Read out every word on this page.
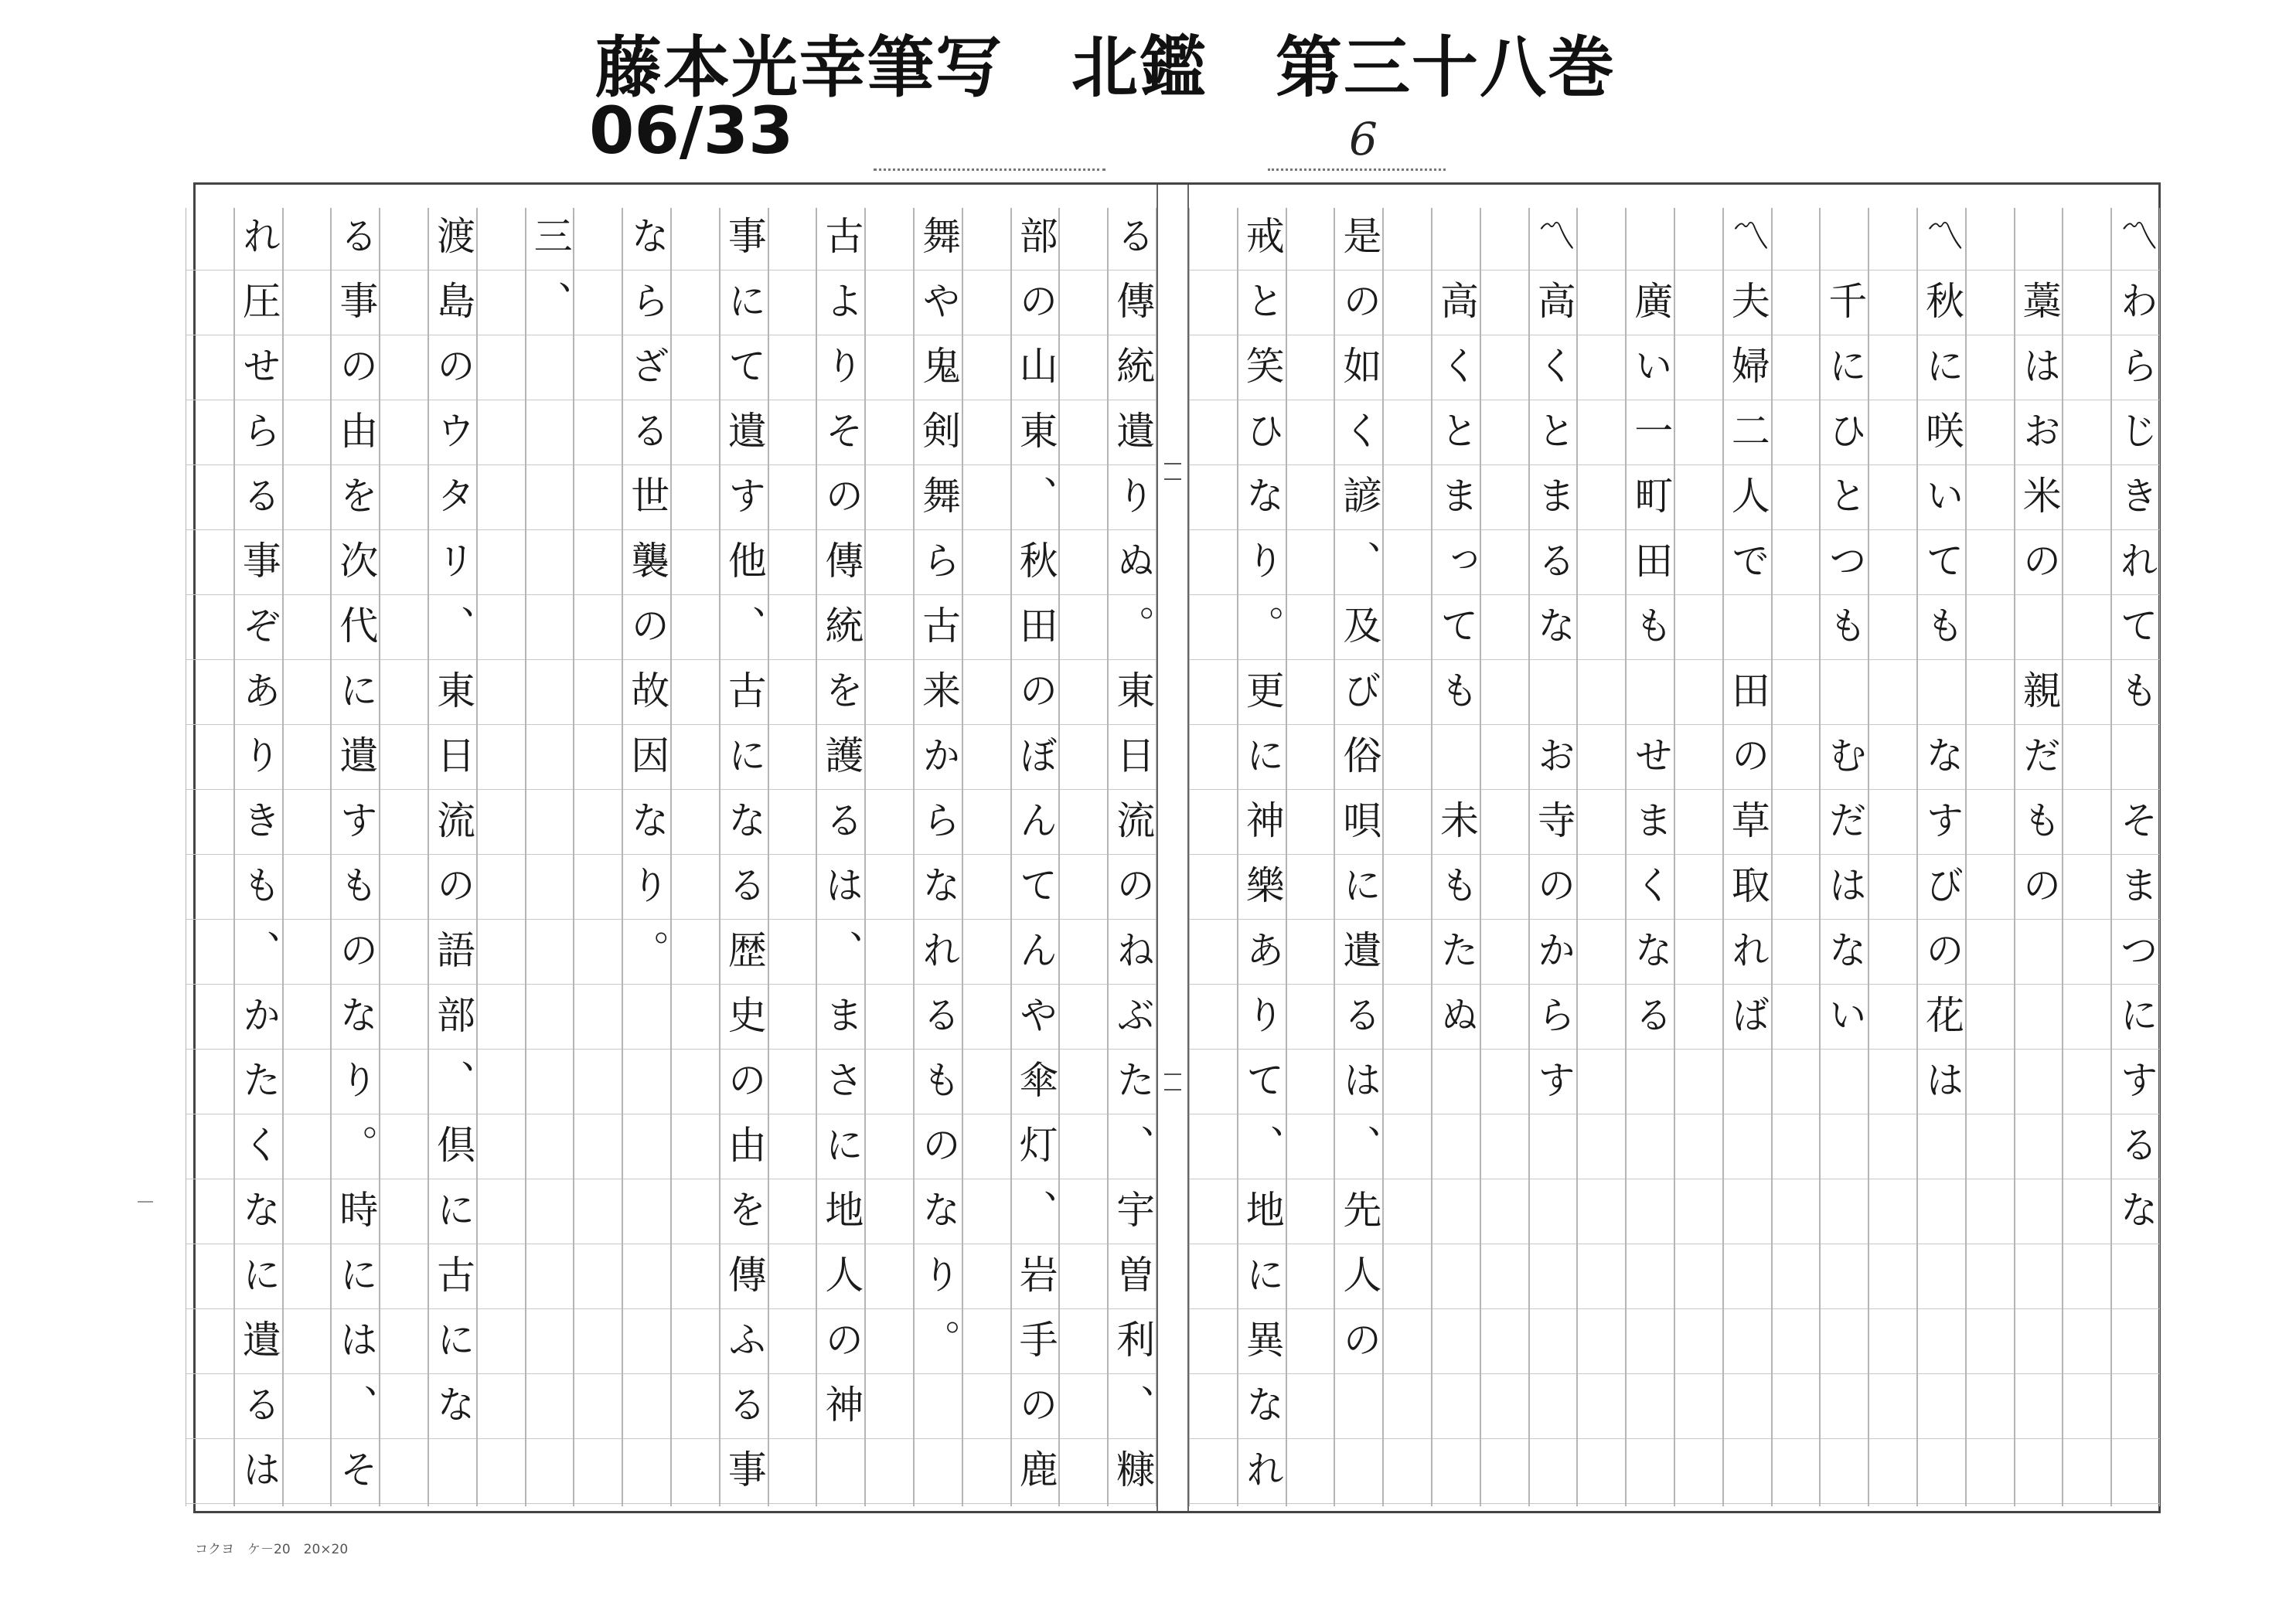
藤本光幸筆写　北鑑　第三十八巻
06/33	6
る傳統遺りぬ。東日流のねぶた、宇曽利、糠
部の山東、秋田のぼんてんや傘灯、岩手の鹿
舞や鬼剣舞ら古来からなれるものなり。
古よりその傳統を護るは、まさに地人の神
事にて遺す他、古になる歴史の由を傳ふる事
ならざる世襲の故因なり。
三、
渡島のウタリ、東日流の語部、倶に古にな
る事の由を次代に遺すものなり。時には、そ
れ圧せらる事ぞありきも、かたくなに遺るは	〽わらじきれても　そまつにするな
　藁はお米の　親だもの
〽秋に咲いても　なすびの花は
　千にひとつも　むだはない
〽夫婦二人で　田の草取れば
　廣い一町田も　せまくなる
〽高くとまるな　お寺のからす
　高くとまっても　未もたぬ
是の如く諺、及び俗唄に遺るは、先人の
戒と笑ひなり。更に神樂ありて、地に異なれ
コクヨ　ケ－20　20×20
